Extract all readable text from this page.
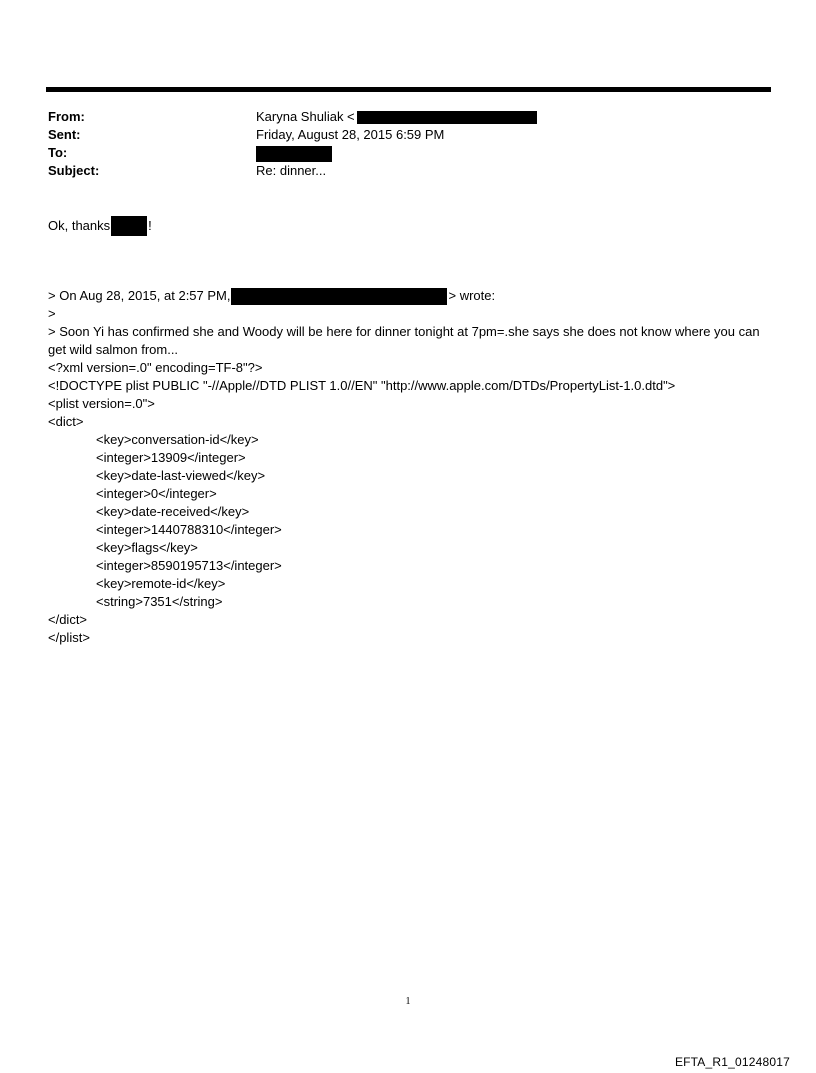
From:	Karyna Shuliak <
Sent:	Friday, August 28, 2015 6:59 PM
To:
Subject:	Re: dinner...
Ok, thanks	!
> On Aug 28, 2015, at 2:57 PM,	> wrote:
>
> Soon Yi has confirmed she and Woody will be here for dinner tonight at 7pm=.she says she does not know where you can get wild salmon from...
<?xml version=.0" encoding=TF-8"?>
<!DOCTYPE plist PUBLIC "-//Apple//DTD PLIST 1.0//EN" "http://www.apple.com/DTDs/PropertyList-1.0.dtd">
<plist version=.0">
<dict>
<key>conversation-id</key>
<integer>13909</integer>
<key>date-last-viewed</key>
<integer>0</integer>
<key>date-received</key>
<integer>1440788310</integer>
<key>flags</key>
<integer>8590195713</integer>
<key>remote-id</key>
<string>7351</string>
</dict>
</plist>
1
EFTA_R1_01248017
